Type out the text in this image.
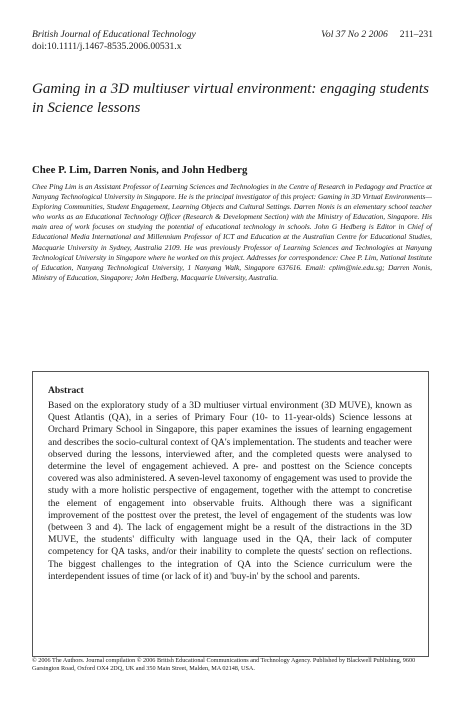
British Journal of Educational Technology
doi:10.1111/j.1467-8535.2006.00531.x
Vol 37 No 2 2006 211–231
Gaming in a 3D multiuser virtual environment: engaging students in Science lessons
Chee P. Lim, Darren Nonis, and John Hedberg
Chee Ping Lim is an Assistant Professor of Learning Sciences and Technologies in the Centre of Research in Pedagogy and Practice at Nanyang Technological University in Singapore. He is the principal investigator of this project: Gaming in 3D Virtual Environments—Exploring Communities, Student Engagement, Learning Objects and Cultural Settings. Darren Nonis is an elementary school teacher who works as an Educational Technology Officer (Research & Development Section) with the Ministry of Education, Singapore. His main area of work focuses on studying the potential of educational technology in schools. John G Hedberg is Editor in Chief of Educational Media International and Millennium Professor of ICT and Education at the Australian Centre for Educational Studies, Macquarie University in Sydney, Australia 2109. He was previously Professor of Learning Sciences and Technologies at Nanyang Technological University in Singapore where he worked on this project. Addresses for correspondence: Chee P. Lim, National Institute of Education, Nanyang Technological University, 1 Nanyang Walk, Singapore 637616. Email: cplim@nie.edu.sg; Darren Nonis, Ministry of Education, Singapore; John Hedberg, Macquarie University, Australia.
Abstract
Based on the exploratory study of a 3D multiuser virtual environment (3D MUVE), known as Quest Atlantis (QA), in a series of Primary Four (10- to 11-year-olds) Science lessons at Orchard Primary School in Singapore, this paper examines the issues of learning engagement and describes the socio-cultural context of QA's implementation. The students and teacher were observed during the lessons, interviewed after, and the completed quests were analysed to determine the level of engagement achieved. A pre- and posttest on the Science concepts covered was also administered. A seven-level taxonomy of engagement was used to provide the study with a more holistic perspective of engagement, together with the attempt to concretise the element of engagement into observable fruits. Although there was a significant improvement of the posttest over the pretest, the level of engagement of the students was low (between 3 and 4). The lack of engagement might be a result of the distractions in the 3D MUVE, the students' difficulty with language used in the QA, their lack of computer competency for QA tasks, and/or their inability to complete the quests' section on reflections. The biggest challenges to the integration of QA into the Science curriculum were the interdependent issues of time (or lack of it) and 'buy-in' by the school and parents.
© 2006 The Authors. Journal compilation © 2006 British Educational Communications and Technology Agency. Published by Blackwell Publishing, 9600 Garsington Road, Oxford OX4 2DQ, UK and 350 Main Street, Malden, MA 02148, USA.
